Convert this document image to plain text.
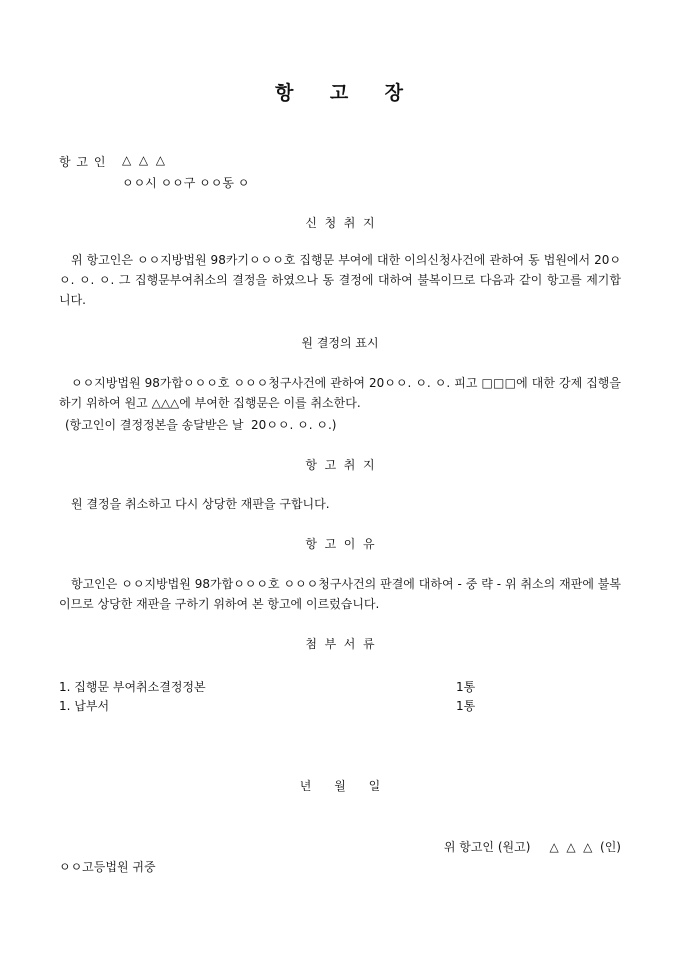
항    고    장
항 고 인 △  △  △
ㅇㅇ시 ㅇㅇ구 ㅇㅇ동 ㅇ
신  청  취  지
위 항고인은 ㅇㅇ지방법원 98카기ㅇㅇㅇ호 집행문 부여에 대한 이의신청사건에 관하여 동 법원에서 20ㅇㅇ. ㅇ. ㅇ. 그 집행문부여취소의 결정을 하였으나 동 결정에 대하여 불복이므로 다음과 같이 항고를 제기합니다.
원 결정의 표시
ㅇㅇ지방법원 98가합ㅇㅇㅇ호 ㅇㅇㅇ청구사건에 관하여 20ㅇㅇ. ㅇ. ㅇ. 피고 □□□에 대한 강제 집행을 하기 위하여 원고 △△△에 부여한 집행문은 이를 취소한다.
(항고인이 결정정본을 송달받은 날  20ㅇㅇ. ㅇ. ㅇ.)
항  고  취  지
원 결정을 취소하고 다시 상당한 재판을 구합니다.
항  고  이  유
항고인은 ㅇㅇ지방법원 98가합ㅇㅇㅇ호 ㅇㅇㅇ청구사건의 판결에 대하여 - 중 략 - 위 취소의 재판에 불복이므로 상당한 재판을 구하기 위하여 본 항고에 이르렀습니다.
첨  부  서  류
1. 집행문 부여취소결정정본	1통
1. 납부서	1통
년      월      일
위 항고인 (원고)     △  △  △  (인)
ㅇㅇ고등법원 귀중
